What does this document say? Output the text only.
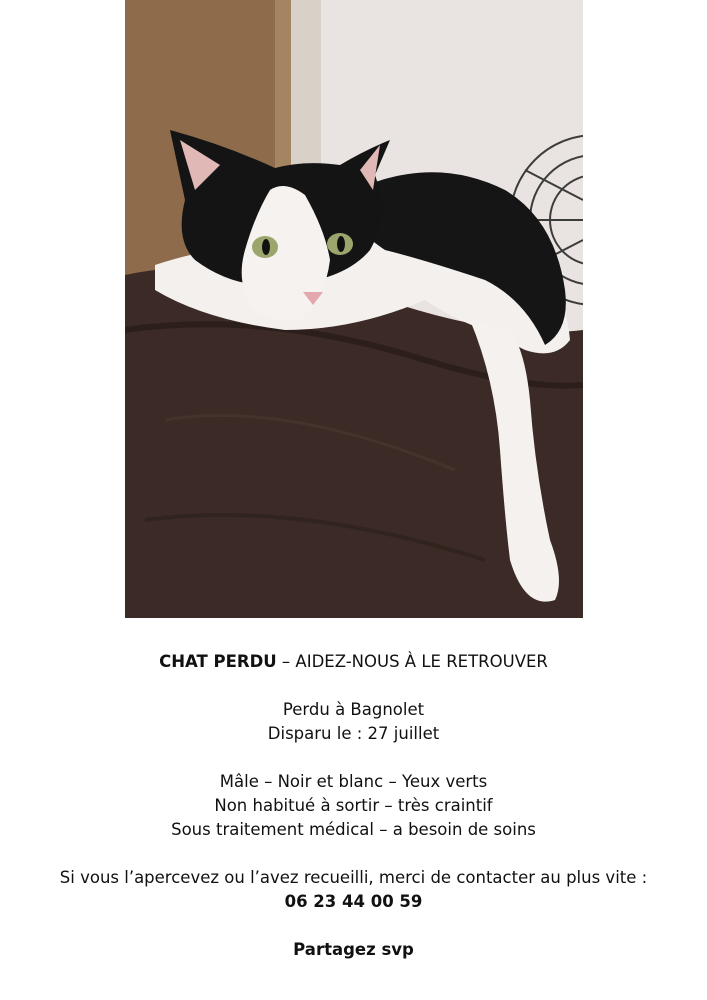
CHAT PERDU – AIDEZ-NOUS À LE RETROUVER
Perdu à Bagnolet
Disparu le : 27 juillet
Mâle – Noir et blanc – Yeux verts
Non habitué à sortir – très craintif
Sous traitement médical – a besoin de soins
Si vous l’apercevez ou l’avez recueilli, merci de contacter au plus vite :
06 23 44 00 59
Partagez svp
